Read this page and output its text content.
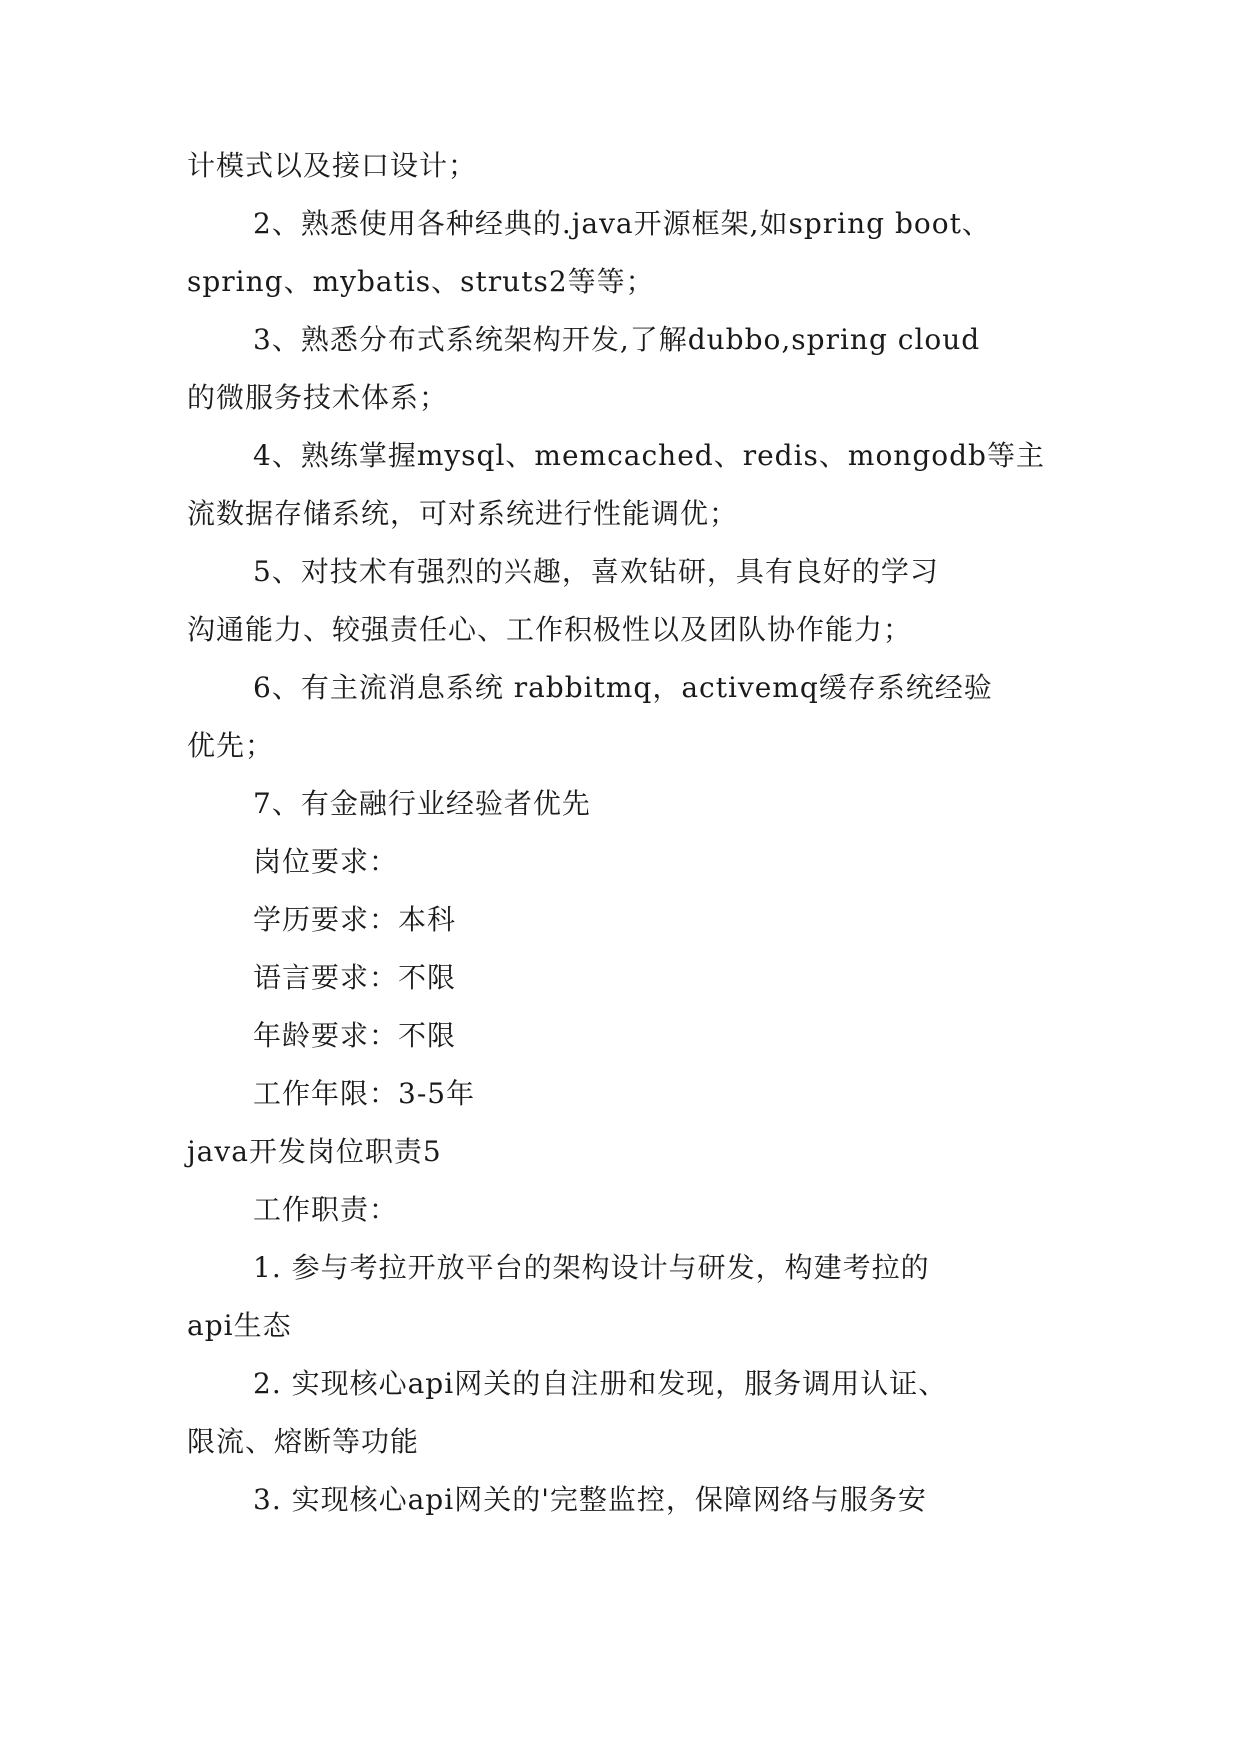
计模式以及接口设计；
2、熟悉使用各种经典的.java开源框架,如spring boot、
spring、mybatis、struts2等等；
3、熟悉分布式系统架构开发,了解dubbo,spring cloud
的微服务技术体系；
4、熟练掌握mysql、memcached、redis、mongodb等主
流数据存储系统，可对系统进行性能调优；
5、对技术有强烈的兴趣，喜欢钻研，具有良好的学习
沟通能力、较强责任心、工作积极性以及团队协作能力；
6、有主流消息系统 rabbitmq，activemq缓存系统经验
优先；
7、有金融行业经验者优先
岗位要求：
学历要求：本科
语言要求：不限
年龄要求：不限
工作年限：3-5年
java开发岗位职责5
工作职责：
1. 参与考拉开放平台的架构设计与研发，构建考拉的
api生态
2. 实现核心api网关的自注册和发现，服务调用认证、
限流、熔断等功能
3. 实现核心api网关的'完整监控，保障网络与服务安
